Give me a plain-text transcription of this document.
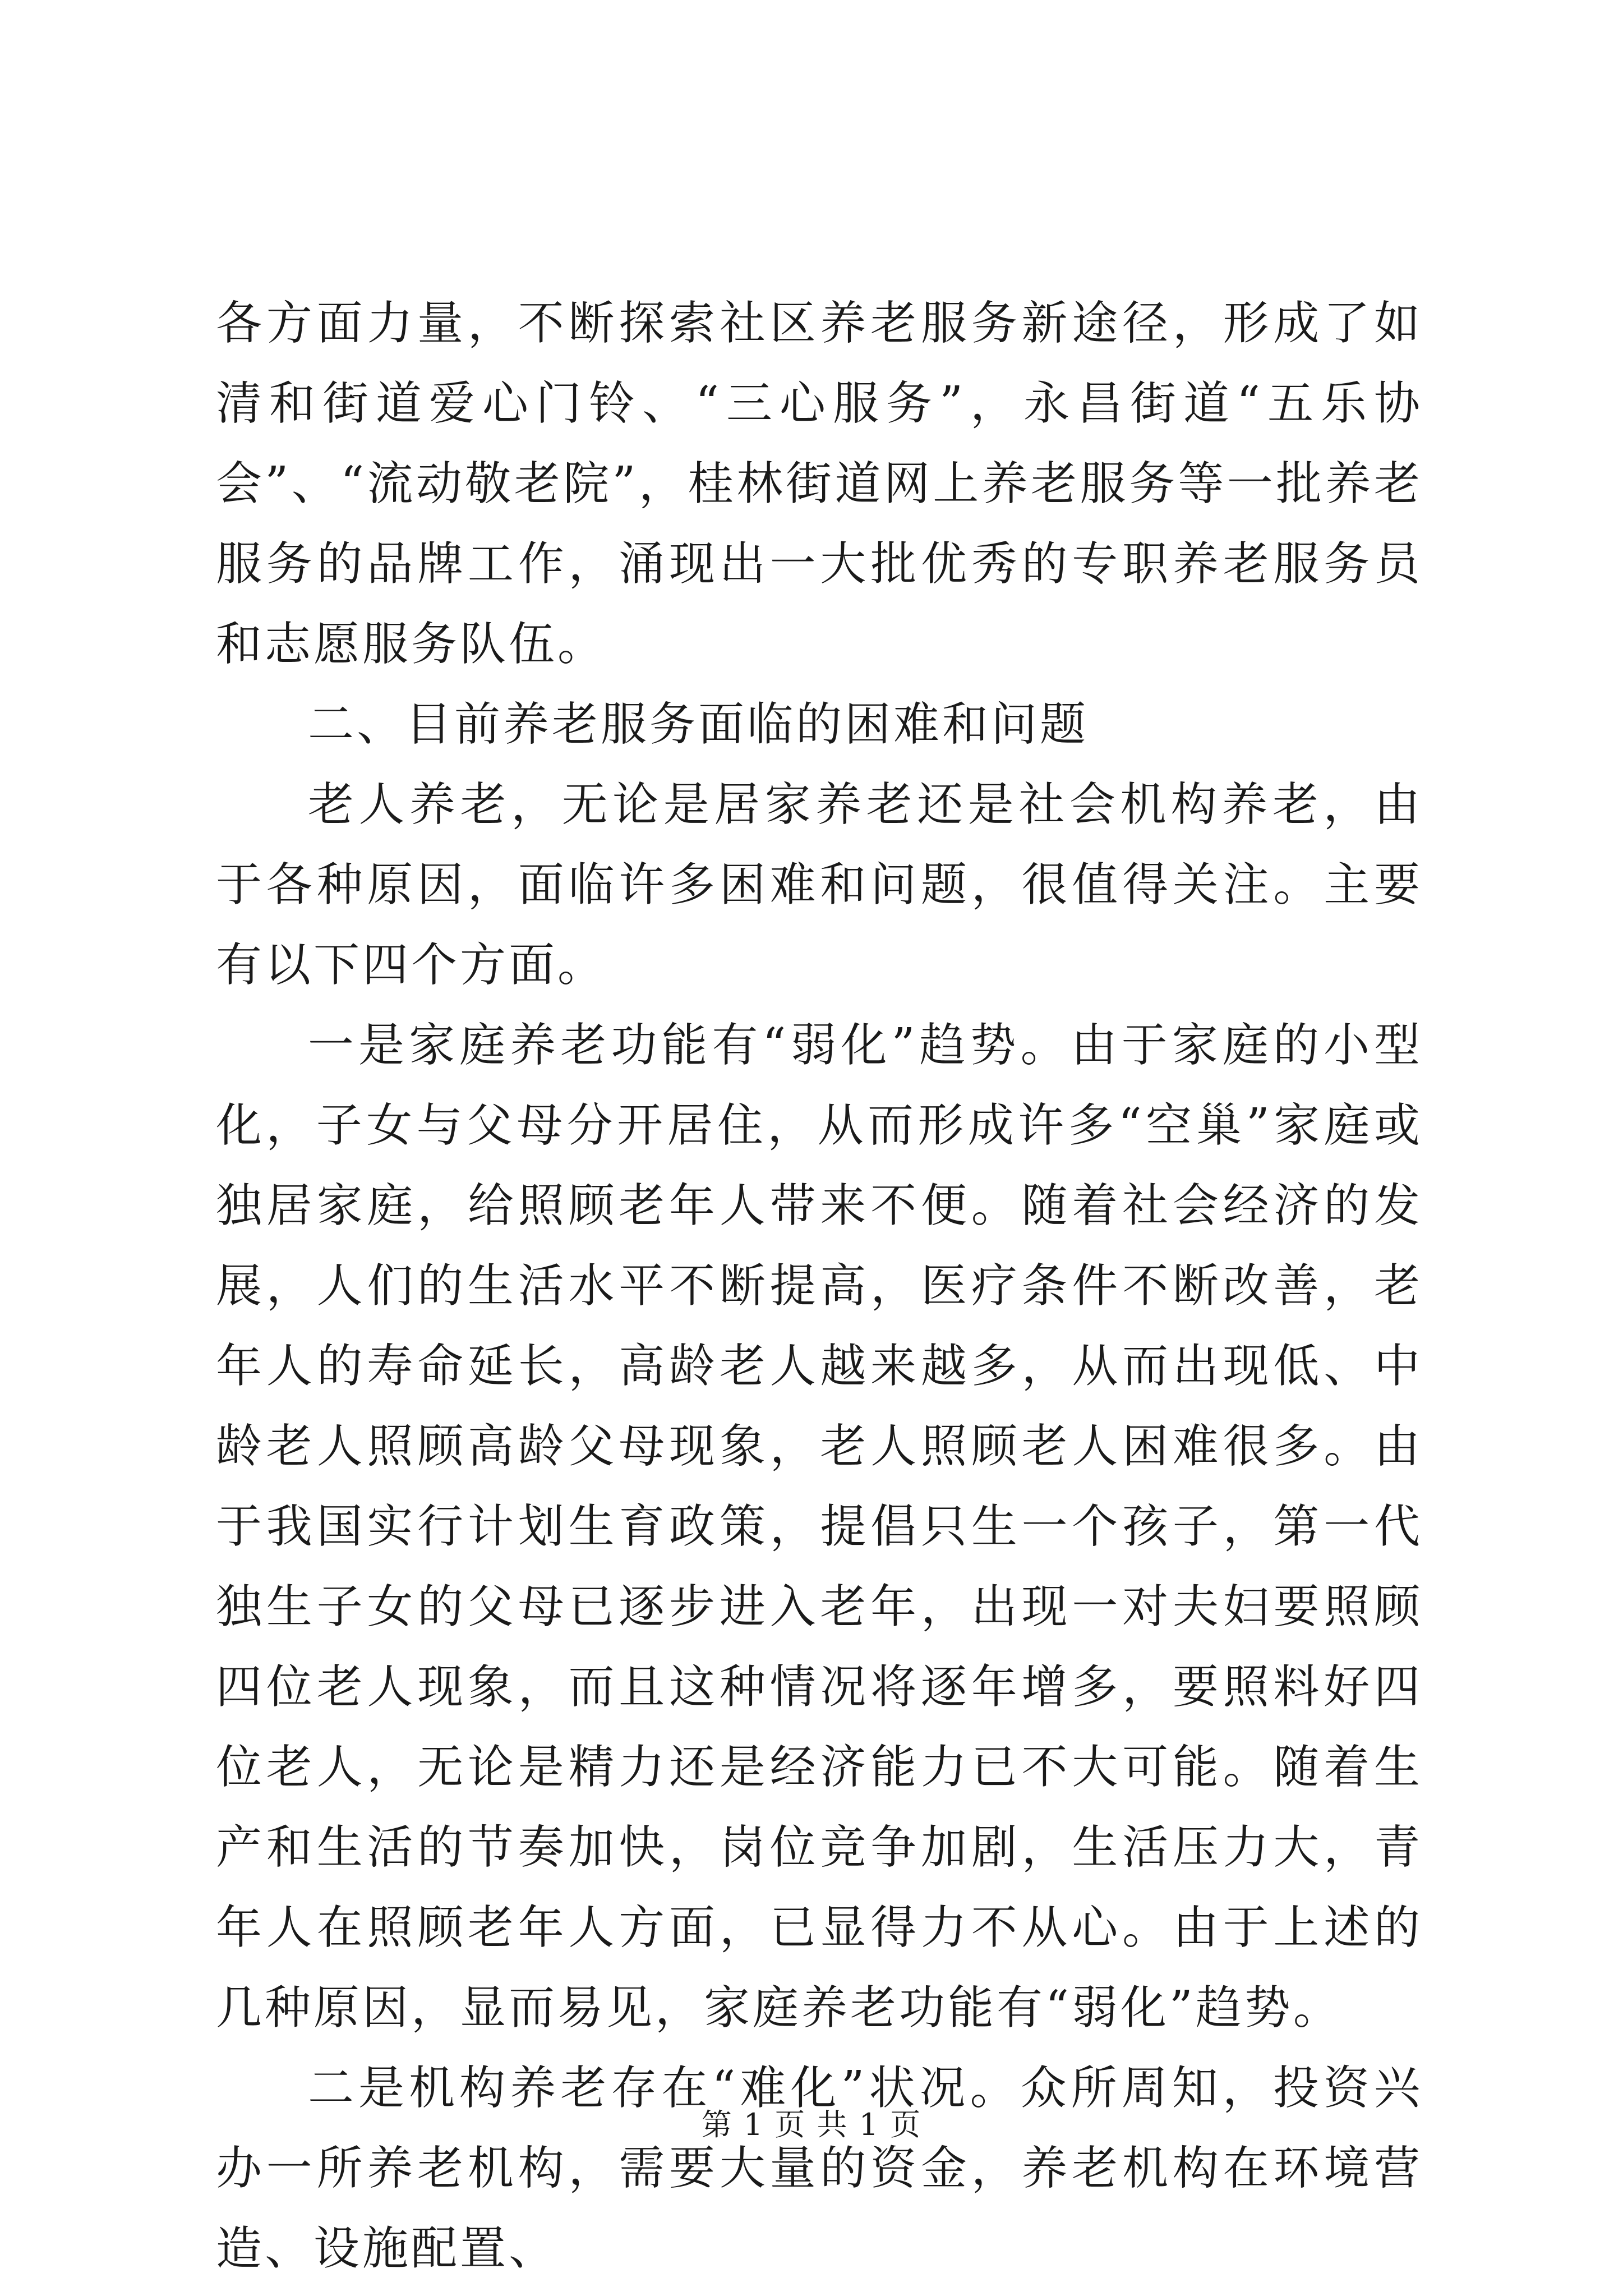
各方面力量，不断探索社区养老服务新途径，形成了如清和街道爱心门铃、“三心服务”，永昌街道“五乐协会”、“流动敬老院”，桂林街道网上养老服务等一批养老服务的品牌工作，涌现出一大批优秀的专职养老服务员和志愿服务队伍。

二、目前养老服务面临的困难和问题

老人养老，无论是居家养老还是社会机构养老，由于各种原因，面临许多困难和问题，很值得关注。主要有以下四个方面。

一是家庭养老功能有“弱化”趋势。由于家庭的小型化，子女与父母分开居住，从而形成许多“空巢”家庭或独居家庭，给照顾老年人带来不便。随着社会经济的发展，人们的生活水平不断提高，医疗条件不断改善，老年人的寿命延长，高龄老人越来越多，从而出现低、中龄老人照顾高龄父母现象，老人照顾老人困难很多。由于我国实行计划生育政策，提倡只生一个孩子，第一代独生子女的父母已逐步进入老年，出现一对夫妇要照顾四位老人现象，而且这种情况将逐年增多，要照料好四位老人，无论是精力还是经济能力已不大可能。随着生产和生活的节奏加快，岗位竞争加剧，生活压力大，青年人在照顾老年人方面，已显得力不从心。由于上述的几种原因，显而易见，家庭养老功能有“弱化”趋势。

二是机构养老存在“难化”状况。众所周知，投资兴办一所养老机构，需要大量的资金，养老机构在环境营造、设施配置、

第 1 页 共 1 页
